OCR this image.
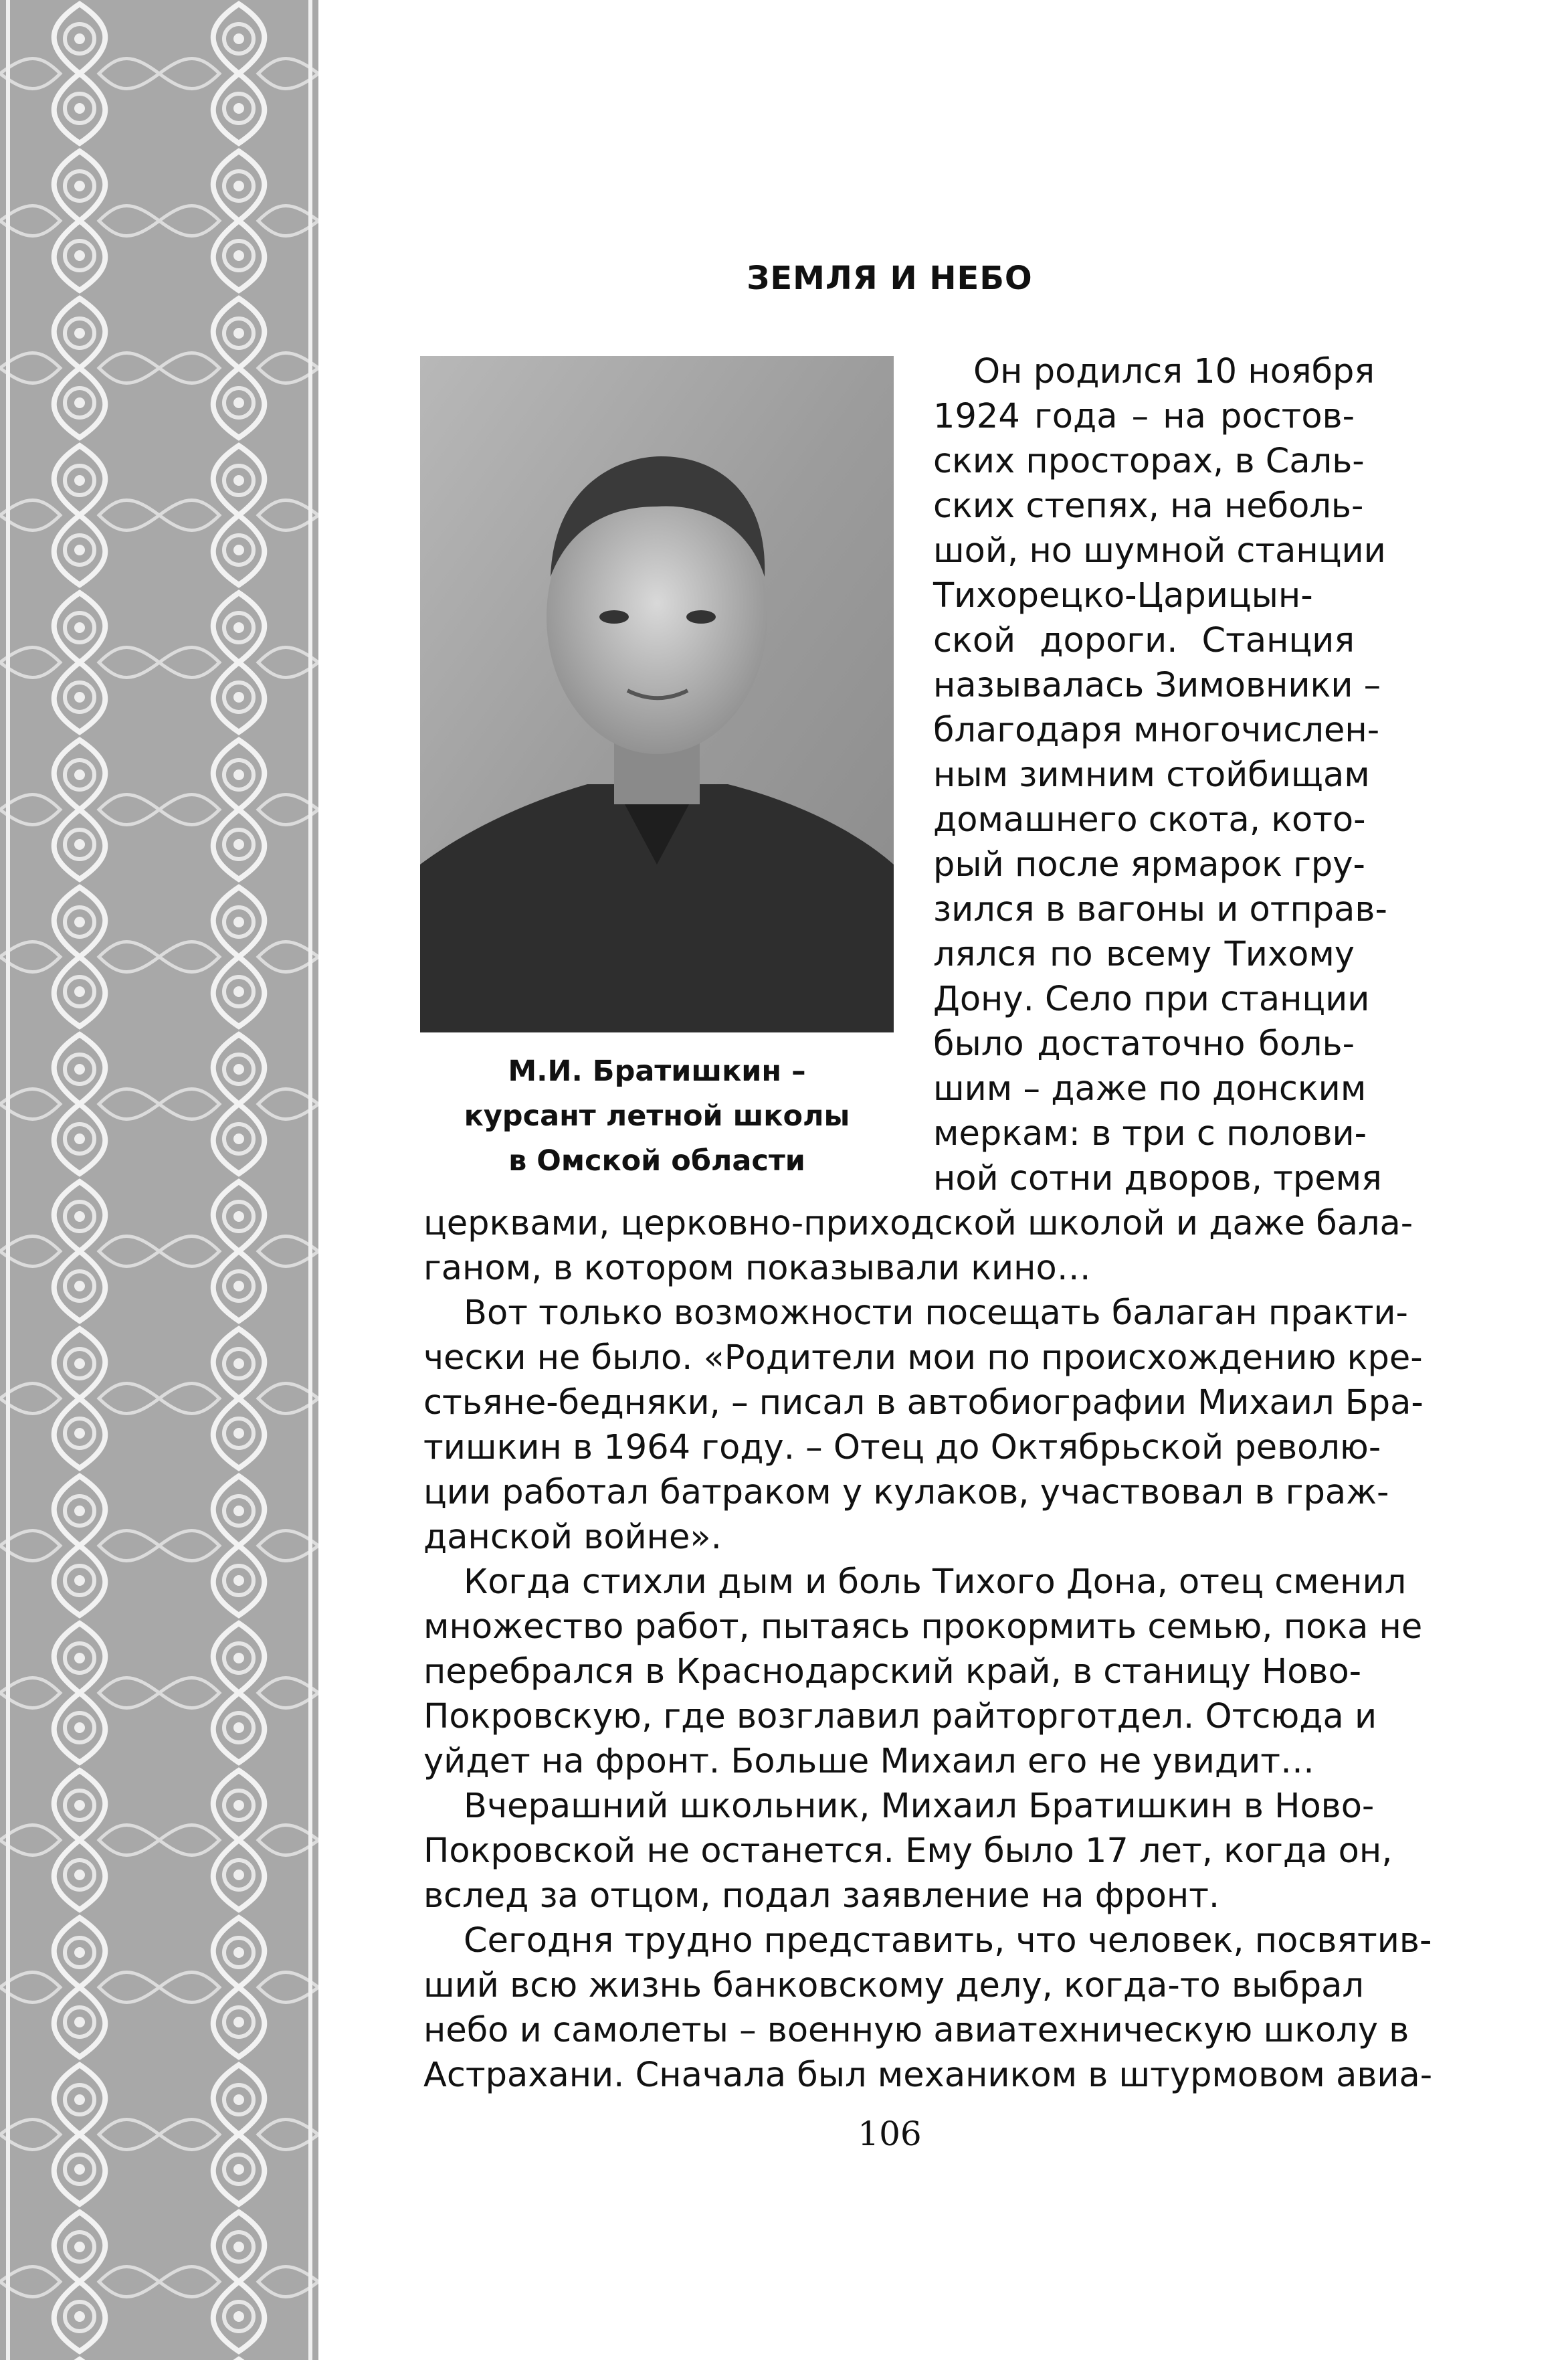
ЗЕМЛЯ И НЕБО
М.И. Братишкин –
курсант летной школы
в Омской области
Он родился 10 ноября
1924 года – на ростов-
ских просторах, в Саль-
ских степях, на неболь-
шой, но шумной станции
Тихорецко-Царицын-
ской дороги. Станция
называлась Зимовники –
благодаря многочислен-
ным зимним стойбищам
домашнего скота, кото-
рый после ярмарок гру-
зился в вагоны и отправ-
лялся по всему Тихому
Дону. Село при станции
было достаточно боль-
шим – даже по донским
меркам: в три с полови-
ной сотни дворов, тремя
церквами, церковно-приходской школой и даже бала-
ганом, в котором показывали кино…
Вот только возможности посещать балаган практи-
чески не было. «Родители мои по происхождению кре-
стьяне-бедняки, – писал в автобиографии Михаил Бра-
тишкин в 1964 году. – Отец до Октябрьской револю-
ции работал батраком у кулаков, участвовал в граж-
данской войне».
Когда стихли дым и боль Тихого Дона, отец сменил
множество работ, пытаясь прокормить семью, пока не
перебрался в Краснодарский край, в станицу Ново-
Покровскую, где возглавил райторготдел. Отсюда и
уйдет на фронт. Больше Михаил его не увидит…
Вчерашний школьник, Михаил Братишкин в Ново-
Покровской не останется. Ему было 17 лет, когда он,
вслед за отцом, подал заявление на фронт.
Сегодня трудно представить, что человек, посвятив-
ший всю жизнь банковскому делу, когда-то выбрал
небо и самолеты – военную авиатехническую школу в
Астрахани. Сначала был механиком в штурмовом авиа-

106
